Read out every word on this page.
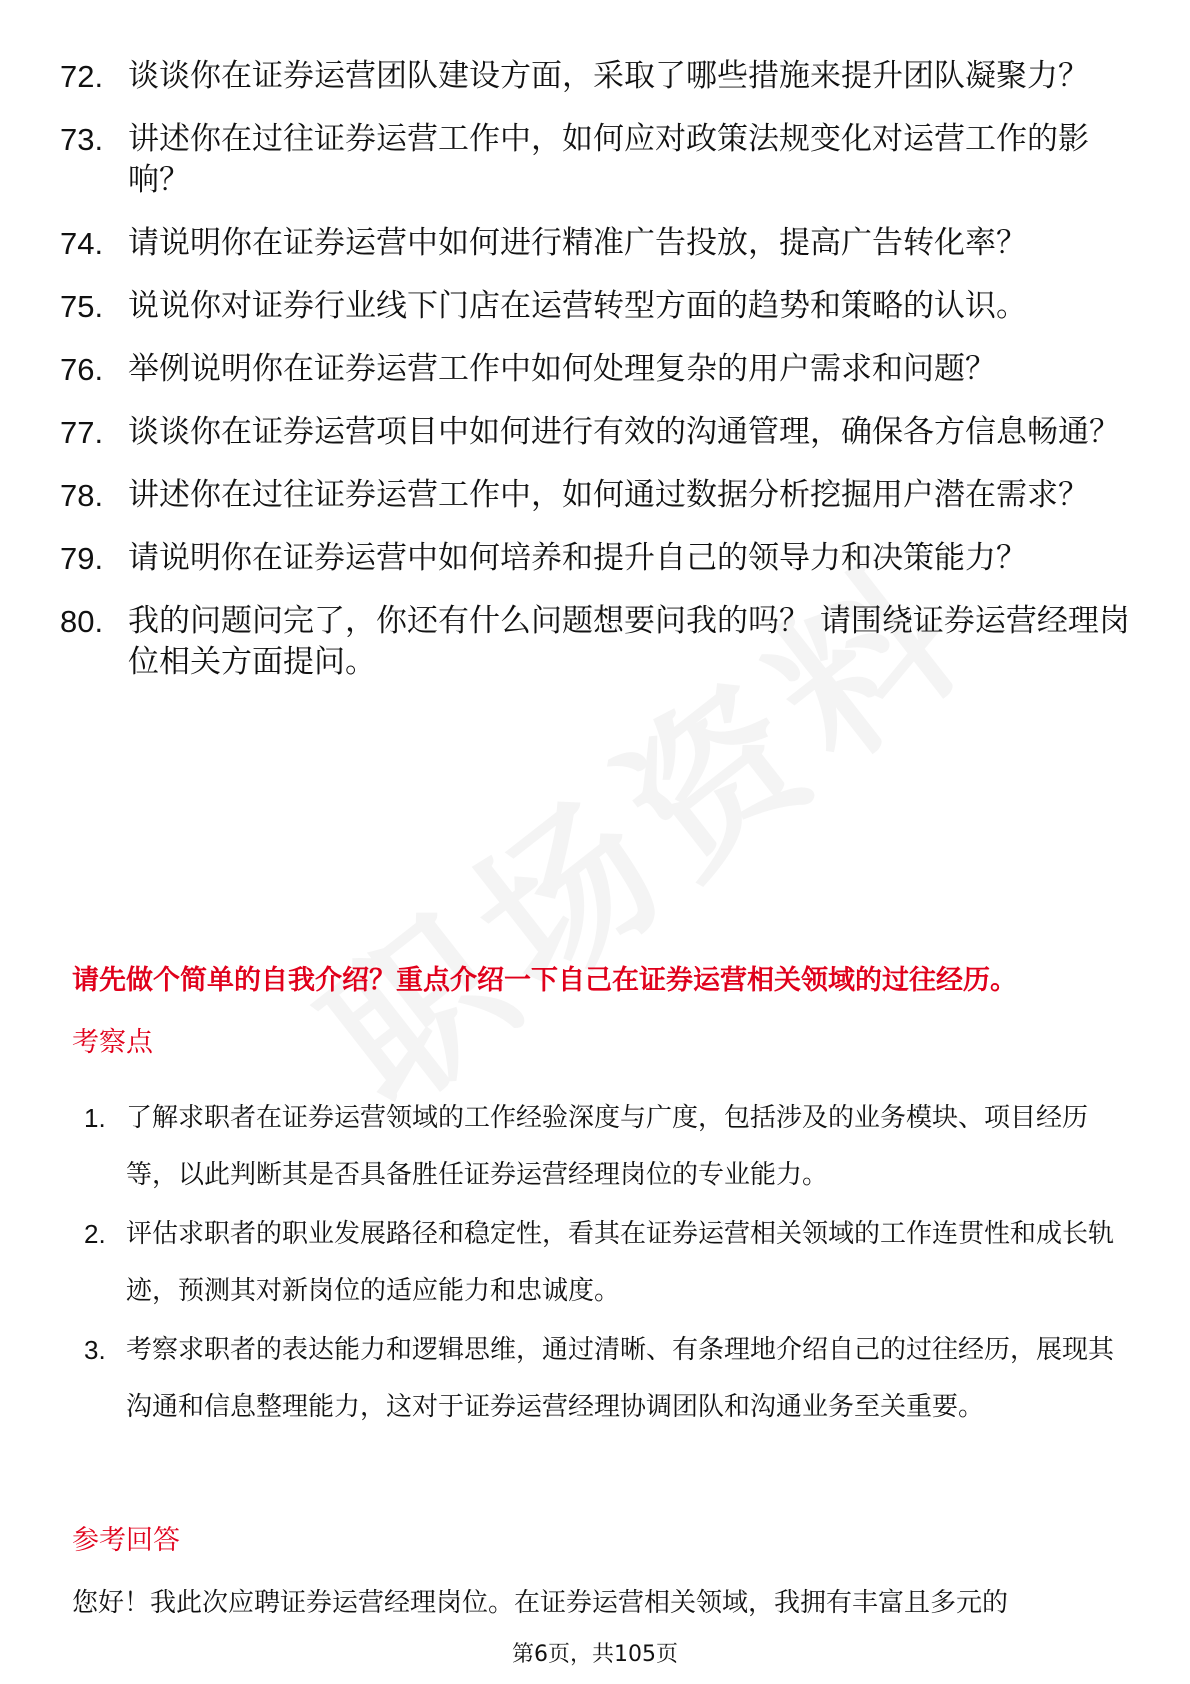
72. 谈谈你在证券运营团队建设方面，采取了哪些措施来提升团队凝聚力？
73. 讲述你在过往证券运营工作中，如何应对政策法规变化对运营工作的影响？
74. 请说明你在证券运营中如何进行精准广告投放，提高广告转化率？
75. 说说你对证券行业线下门店在运营转型方面的趋势和策略的认识。
76. 举例说明你在证券运营工作中如何处理复杂的用户需求和问题？
77. 谈谈你在证券运营项目中如何进行有效的沟通管理，确保各方信息畅通？
78. 讲述你在过往证券运营工作中，如何通过数据分析挖掘用户潜在需求？
79. 请说明你在证券运营中如何培养和提升自己的领导力和决策能力？
80. 我的问题问完了，你还有什么问题想要问我的吗？ 请围绕证券运营经理岗位相关方面提问。
请先做个简单的自我介绍？重点介绍一下自己在证券运营相关领域的过往经历。
考察点
1. 了解求职者在证券运营领域的工作经验深度与广度，包括涉及的业务模块、项目经历等，以此判断其是否具备胜任证券运营经理岗位的专业能力。
2. 评估求职者的职业发展路径和稳定性，看其在证券运营相关领域的工作连贯性和成长轨迹，预测其对新岗位的适应能力和忠诚度。
3. 考察求职者的表达能力和逻辑思维，通过清晰、有条理地介绍自己的过往经历，展现其沟通和信息整理能力，这对于证券运营经理协调团队和沟通业务至关重要。
参考回答
您好！我此次应聘证券运营经理岗位。在证券运营相关领域，我拥有丰富且多元的
第6页，共105页
